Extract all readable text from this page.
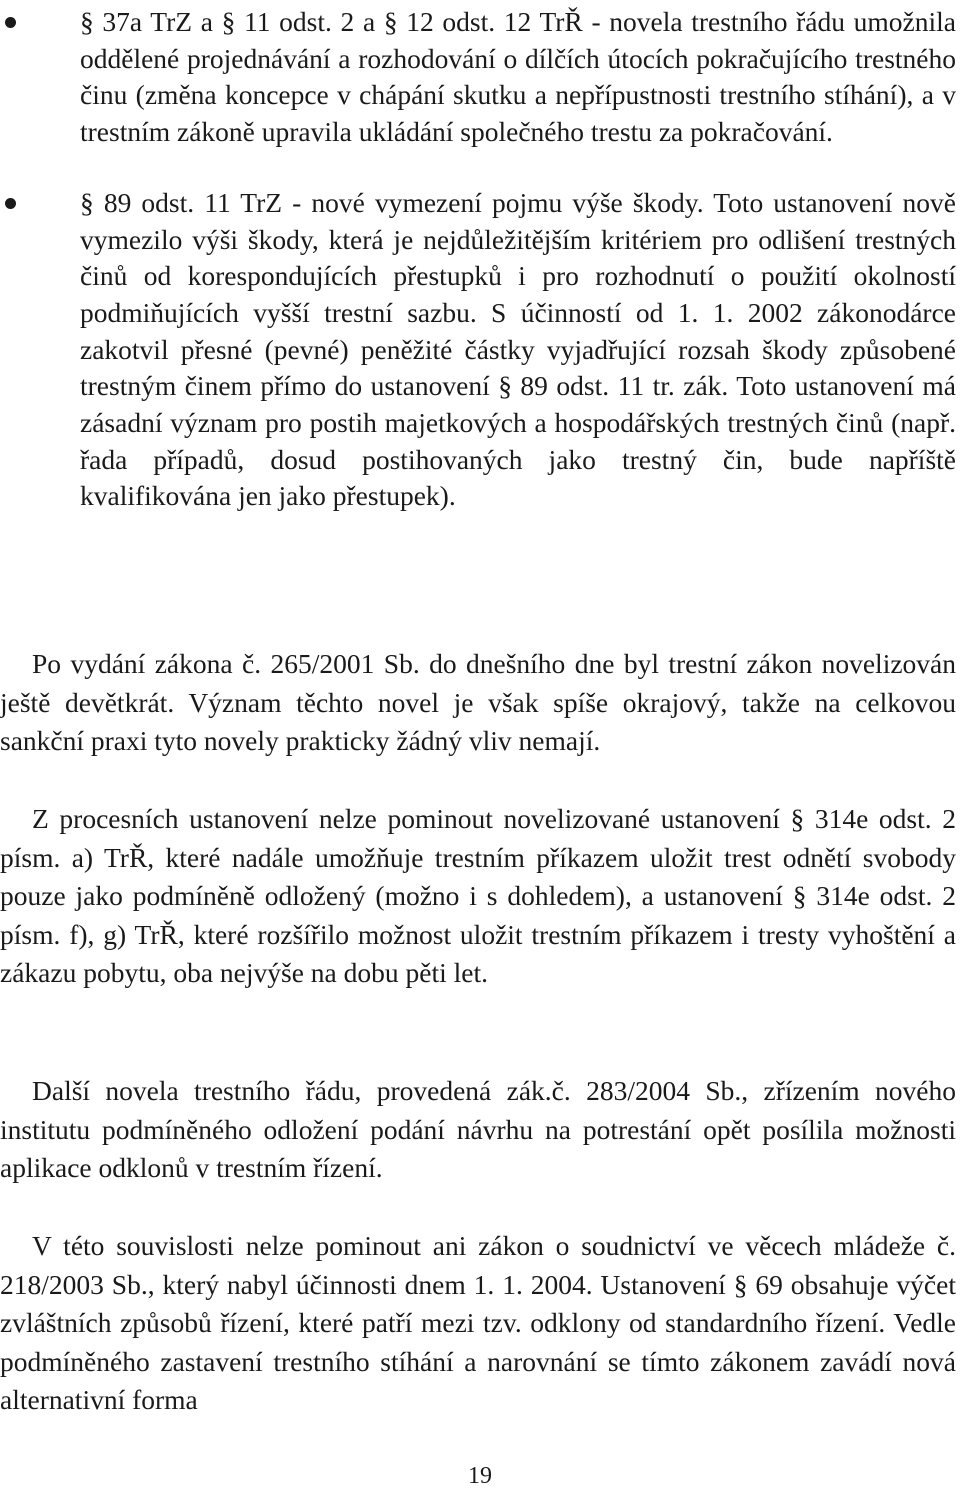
§ 37a TrZ a § 11 odst. 2 a § 12 odst. 12 TrŘ - novela trestního řádu umožnila oddělené projednávání a rozhodování o dílčích útocích pokračujícího trestného činu (změna koncepce v chápání skutku a nepřípustnosti trestního stíhání), a v trestním zákoně upravila ukládání společného trestu za pokračování.
§ 89 odst. 11 TrZ - nové vymezení pojmu výše škody. Toto ustanovení nově vymezilo výši škody, která je nejdůležitějším kritériem pro odlišení trestných činů od korespondujících přestupků i pro rozhodnutí o použití okolností podmiňujících vyšší trestní sazbu. S účinností od 1. 1. 2002 zákonodárce zakotvil přesné (pevné) peněžité částky vyjadřující rozsah škody způsobené trestným činem přímo do ustanovení § 89 odst. 11 tr. zák. Toto ustanovení má zásadní význam pro postih majetkových a hospodářských trestných činů (např. řada případů, dosud postihovaných jako trestný čin, bude napříště kvalifikována jen jako přestupek).

Po vydání zákona č. 265/2001 Sb. do dnešního dne byl trestní zákon novelizován ještě devětkrát. Význam těchto novel je však spíše okrajový, takže na celkovou sankční praxi tyto novely prakticky žádný vliv nemají.

Z procesních ustanovení nelze pominout novelizované ustanovení § 314e odst. 2 písm. a) TrŘ, které nadále umožňuje trestním příkazem uložit trest odnětí svobody pouze jako podmíněně odložený (možno i s dohledem), a ustanovení § 314e odst. 2 písm. f), g) TrŘ, které rozšířilo možnost uložit trestním příkazem i tresty vyhoštění a zákazu pobytu, oba nejvýše na dobu pěti let.

Další novela trestního řádu, provedená zák.č. 283/2004 Sb., zřízením nového institutu podmíněného odložení podání návrhu na potrestání opět posílila možnosti aplikace odklonů v trestním řízení.

V této souvislosti nelze pominout ani zákon o soudnictví ve věcech mládeže č. 218/2003 Sb., který nabyl účinnosti dnem 1. 1. 2004. Ustanovení § 69 obsahuje výčet zvláštních způsobů řízení, které patří mezi tzv. odklony od standardního řízení. Vedle podmíněného zastavení trestního stíhání a narovnání se tímto zákonem zavádí nová alternativní forma

19
